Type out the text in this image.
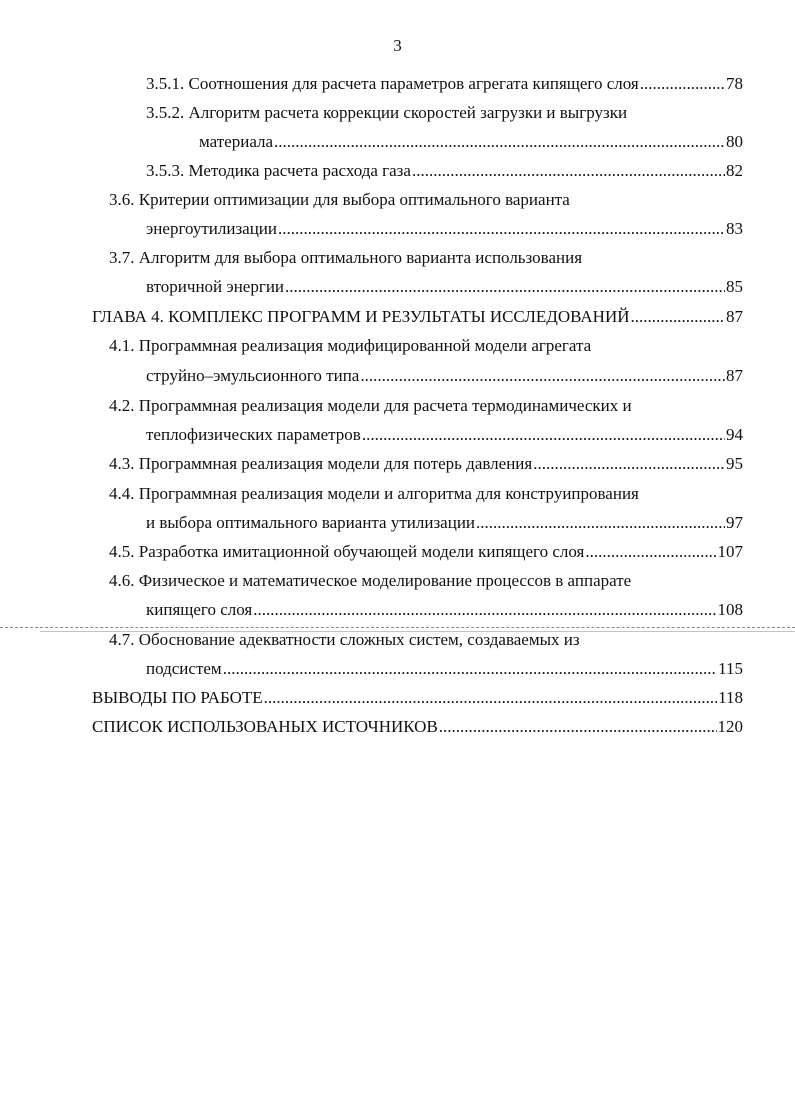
3
3.5.1. Соотношения для расчета параметров агрегата кипящего слоя .....	78
3.5.2. Алгоритм расчета коррекции скоростей загрузки и выгрузки
материала .....	80
3.5.3. Методика расчета расхода газа .....	82
3.6. Критерии оптимизации для выбора оптимального варианта
энергоутилизации .....	83
3.7. Алгоритм для выбора оптимального варианта использования
вторичной энергии .....	85
ГЛАВА 4. КОМПЛЕКС ПРОГРАММ И РЕЗУЛЬТАТЫ ИССЛЕДОВАНИЙ .....	87
4.1. Программная реализация модифицированной модели агрегата
струйно–эмульсионного типа .....	87
4.2. Программная реализация модели для расчета термодинамических и
теплофизических параметров .....	94
4.3. Программная реализация модели для потерь давления .....	95
4.4. Программная реализация модели и алгоритма для конструипрования
и выбора оптимального варианта утилизации .....	97
4.5. Разработка имитационной обучающей модели кипящего слоя .....	107
4.6. Физическое и математическое моделирование процессов в аппарате
кипящего слоя .....	108
4.7. Обоснование адекватности сложных систем, создаваемых из
подсистем .....	115
ВЫВОДЫ ПО РАБОТЕ .....	118
СПИСОК ИСПОЛЬЗОВАНЫХ ИСТОЧНИКОВ .....	120
